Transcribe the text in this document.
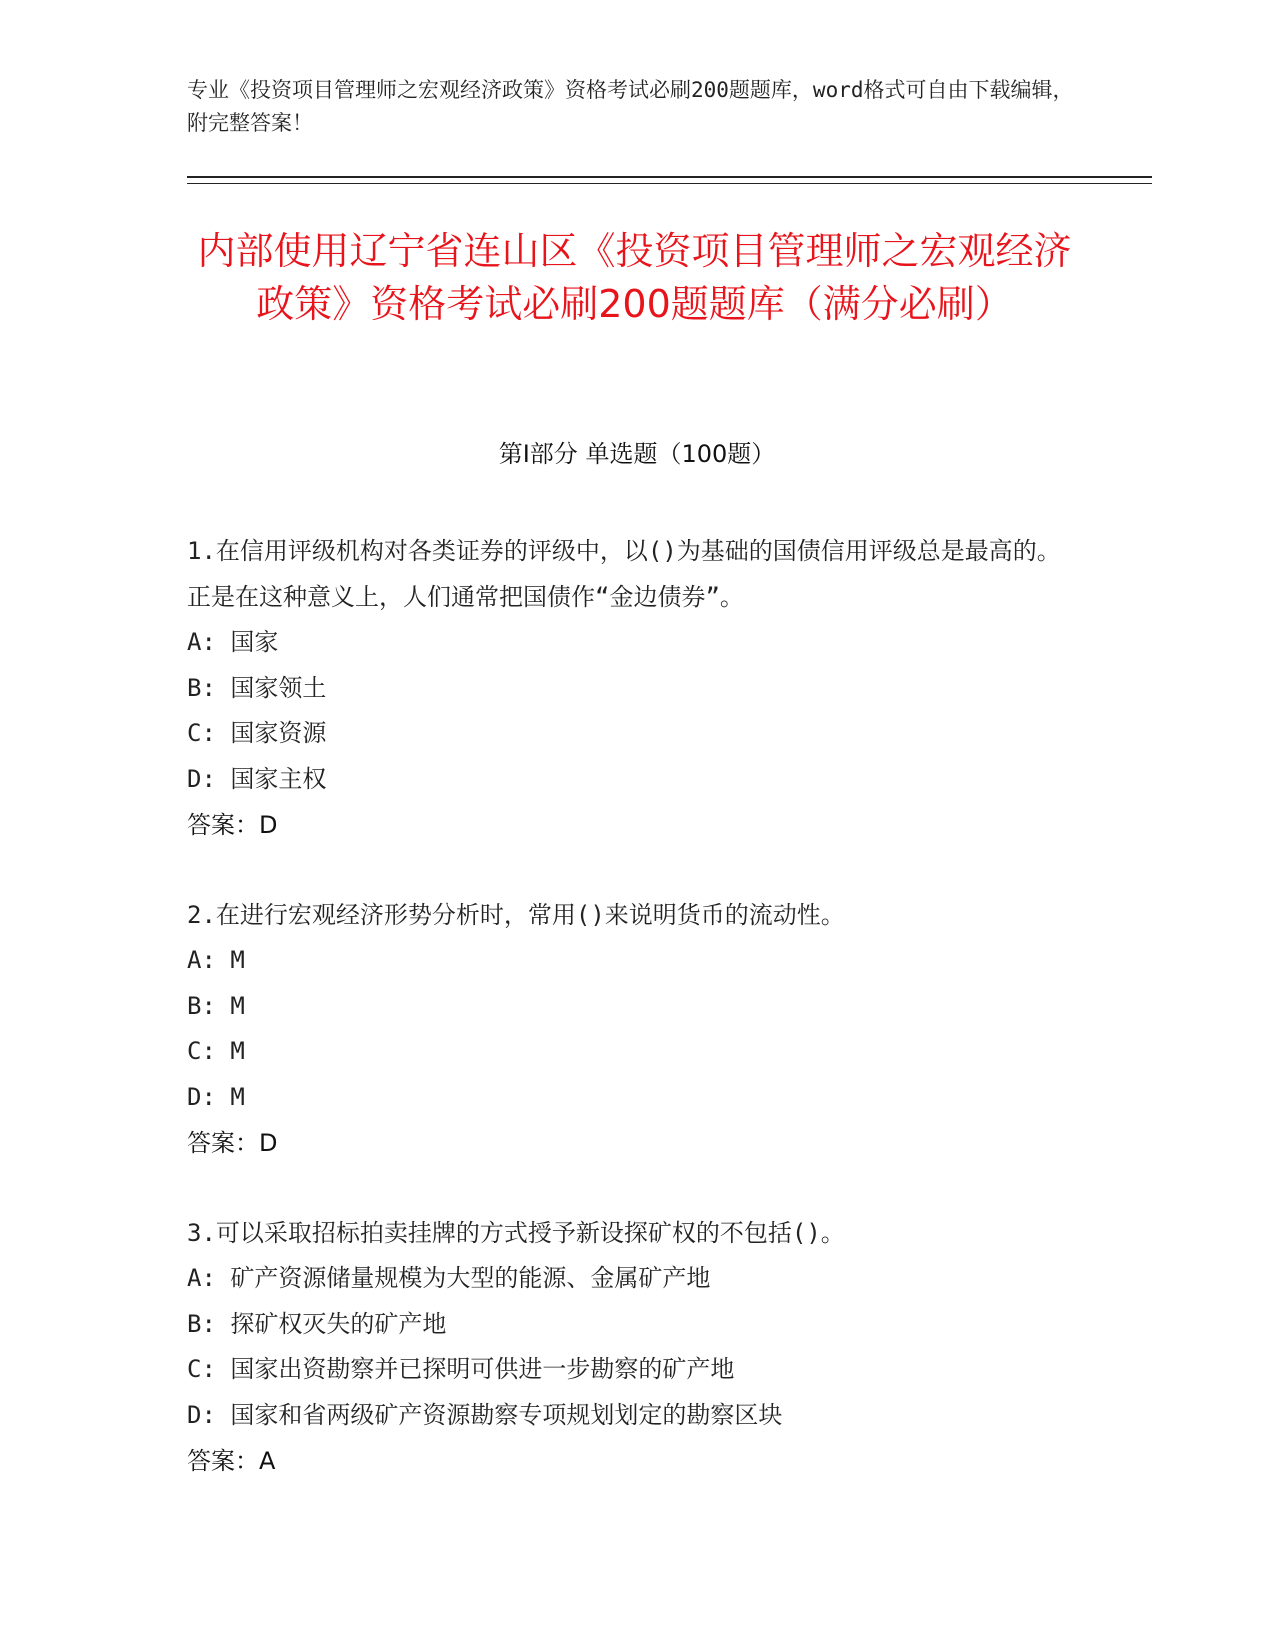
专业《投资项目管理师之宏观经济政策》资格考试必刷200题题库，word格式可自由下载编辑，附完整答案！
内部使用辽宁省连山区《投资项目管理师之宏观经济政策》资格考试必刷200题题库（满分必刷）
第Ⅰ部分 单选题（100题）
1.在信用评级机构对各类证券的评级中，以()为基础的国债信用评级总是最高的。正是在这种意义上，人们通常把国债作“金边债券”。
A: 国家
B: 国家领土
C: 国家资源
D: 国家主权
答案：D
2.在进行宏观经济形势分析时，常用()来说明货币的流动性。
A: M
B: M
C: M
D: M
答案：D
3.可以采取招标拍卖挂牌的方式授予新设探矿权的不包括()。
A: 矿产资源储量规模为大型的能源、金属矿产地
B: 探矿权灭失的矿产地
C: 国家出资勘察并已探明可供进一步勘察的矿产地
D: 国家和省两级矿产资源勘察专项规划划定的勘察区块
答案：A
